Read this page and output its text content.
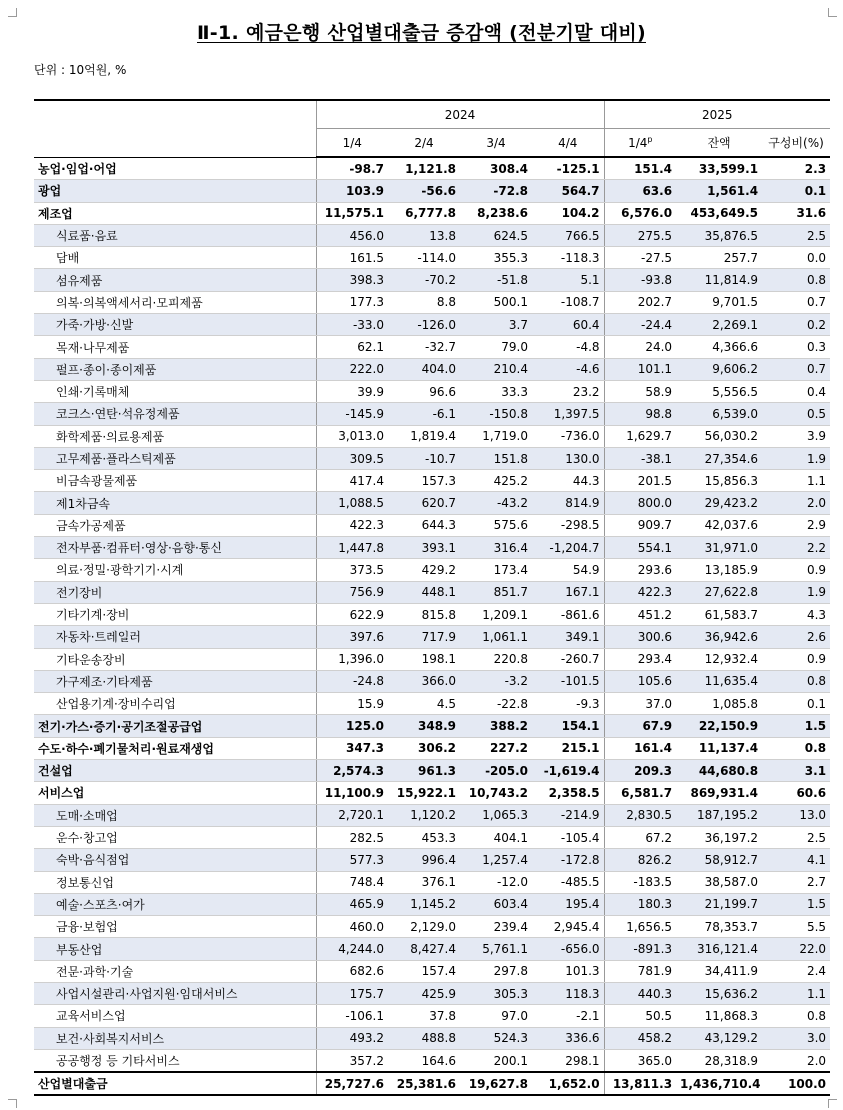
Ⅱ-1. 예금은행 산업별대출금 증감액 (전분기말 대비)
단위 : 10억원, %
	2024				2025		
	1/4	2/4	3/4	4/4	1/4$^p$	잔액	구성비(%)
농업·임업·어업	-98.7	1,121.8	308.4	-125.1	151.4	33,599.1	2.3
광업	103.9	-56.6	-72.8	564.7	63.6	1,561.4	0.1
제조업	11,575.1	6,777.8	8,238.6	104.2	6,576.0	453,649.5	31.6
식료품·음료	456.0	13.8	624.5	766.5	275.5	35,876.5	2.5
담배	161.5	-114.0	355.3	-118.3	-27.5	257.7	0.0
섬유제품	398.3	-70.2	-51.8	5.1	-93.8	11,814.9	0.8
의복·의복액세서리·모피제품	177.3	8.8	500.1	-108.7	202.7	9,701.5	0.7
가죽·가방·신발	-33.0	-126.0	3.7	60.4	-24.4	2,269.1	0.2
목재·나무제품	62.1	-32.7	79.0	-4.8	24.0	4,366.6	0.3
펄프·종이·종이제품	222.0	404.0	210.4	-4.6	101.1	9,606.2	0.7
인쇄·기록매체	39.9	96.6	33.3	23.2	58.9	5,556.5	0.4
코크스·연탄·석유정제품	-145.9	-6.1	-150.8	1,397.5	98.8	6,539.0	0.5
화학제품·의료용제품	3,013.0	1,819.4	1,719.0	-736.0	1,629.7	56,030.2	3.9
고무제품·플라스틱제품	309.5	-10.7	151.8	130.0	-38.1	27,354.6	1.9
비금속광물제품	417.4	157.3	425.2	44.3	201.5	15,856.3	1.1
제1차금속	1,088.5	620.7	-43.2	814.9	800.0	29,423.2	2.0
금속가공제품	422.3	644.3	575.6	-298.5	909.7	42,037.6	2.9
전자부품·컴퓨터·영상·음향·통신	1,447.8	393.1	316.4	-1,204.7	554.1	31,971.0	2.2
의료·정밀·광학기기·시계	373.5	429.2	173.4	54.9	293.6	13,185.9	0.9
전기장비	756.9	448.1	851.7	167.1	422.3	27,622.8	1.9
기타기계·장비	622.9	815.8	1,209.1	-861.6	451.2	61,583.7	4.3
자동차·트레일러	397.6	717.9	1,061.1	349.1	300.6	36,942.6	2.6
기타운송장비	1,396.0	198.1	220.8	-260.7	293.4	12,932.4	0.9
가구제조·기타제품	-24.8	366.0	-3.2	-101.5	105.6	11,635.4	0.8
산업용기계·장비수리업	15.9	4.5	-22.8	-9.3	37.0	1,085.8	0.1
전기·가스·증기·공기조절공급업	125.0	348.9	388.2	154.1	67.9	22,150.9	1.5
수도·하수·폐기물처리·원료재생업	347.3	306.2	227.2	215.1	161.4	11,137.4	0.8
건설업	2,574.3	961.3	-205.0	-1,619.4	209.3	44,680.8	3.1
서비스업	11,100.9	15,922.1	10,743.2	2,358.5	6,581.7	869,931.4	60.6
도매·소매업	2,720.1	1,120.2	1,065.3	-214.9	2,830.5	187,195.2	13.0
운수·창고업	282.5	453.3	404.1	-105.4	67.2	36,197.2	2.5
숙박·음식점업	577.3	996.4	1,257.4	-172.8	826.2	58,912.7	4.1
정보통신업	748.4	376.1	-12.0	-485.5	-183.5	38,587.0	2.7
예술·스포츠·여가	465.9	1,145.2	603.4	195.4	180.3	21,199.7	1.5
금융·보험업	460.0	2,129.0	239.4	2,945.4	1,656.5	78,353.7	5.5
부동산업	4,244.0	8,427.4	5,761.1	-656.0	-891.3	316,121.4	22.0
전문·과학·기술	682.6	157.4	297.8	101.3	781.9	34,411.9	2.4
사업시설관리·사업지원·임대서비스	175.7	425.9	305.3	118.3	440.3	15,636.2	1.1
교육서비스업	-106.1	37.8	97.0	-2.1	50.5	11,868.3	0.8
보건·사회복지서비스	493.2	488.8	524.3	336.6	458.2	43,129.2	3.0
공공행정 등 기타서비스	357.2	164.6	200.1	298.1	365.0	28,318.9	2.0
산업별대출금	25,727.6	25,381.6	19,627.8	1,652.0	13,811.3	1,436,710.4	100.0
